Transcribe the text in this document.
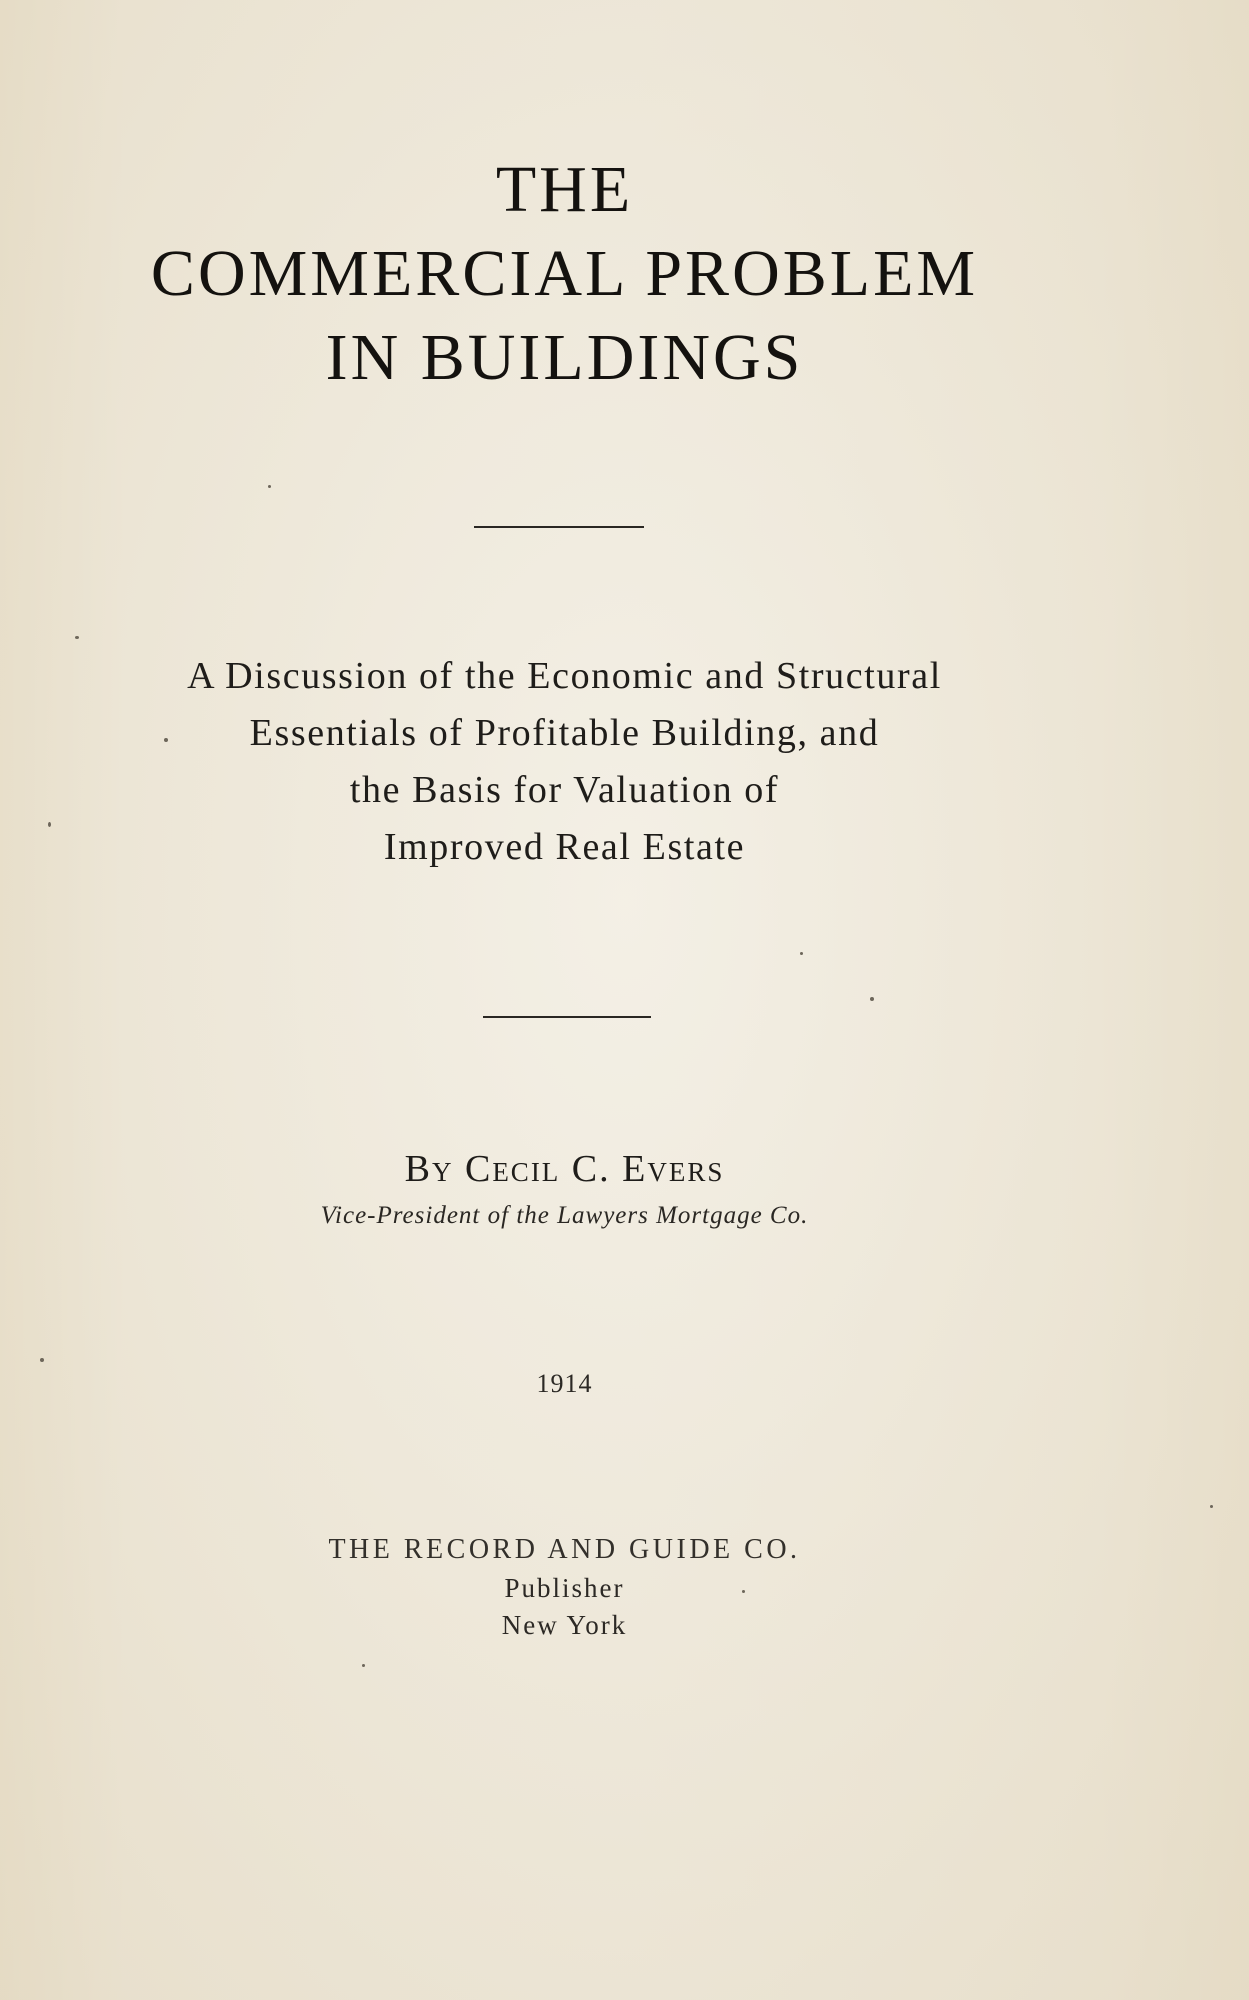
THE
COMMERCIAL PROBLEM
IN BUILDINGS
A Discussion of the Economic and Structural
Essentials of Profitable Building, and
the Basis for Valuation of
Improved Real Estate
By Cecil C. Evers
Vice-President of the Lawyers Mortgage Co.
1914
THE RECORD AND GUIDE CO.
Publisher
New York
